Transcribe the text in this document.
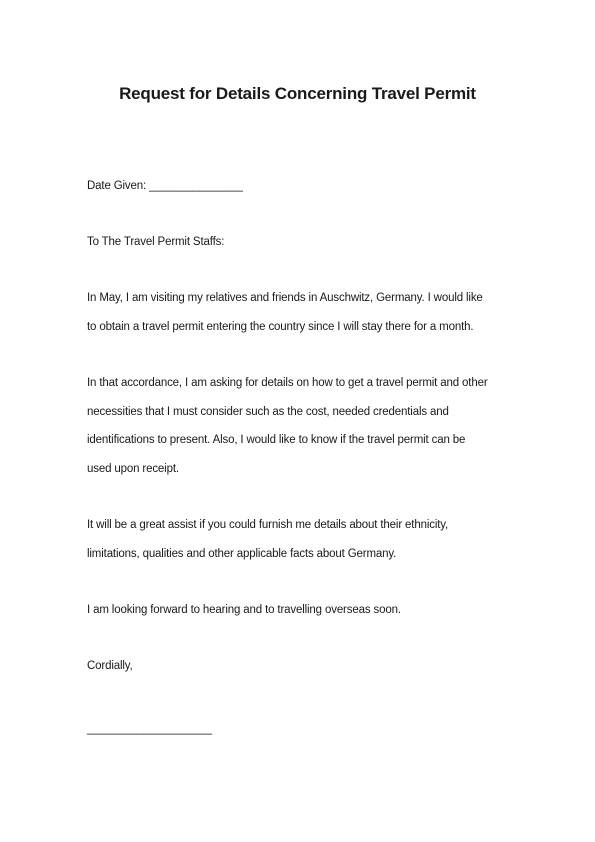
Request for Details Concerning Travel Permit
Date Given: _______________
To The Travel Permit Staffs:
In May, I am visiting my relatives and friends in Auschwitz, Germany. I would like
to obtain a travel permit entering the country since I will stay there for a month.
In that accordance, I am asking for details on how to get a travel permit and other
necessities that I must consider such as the cost, needed credentials and
identifications to present. Also, I would like to know if the travel permit can be
used upon receipt.
It will be a great assist if you could furnish me details about their ethnicity,
limitations, qualities and other applicable facts about Germany.
I am looking forward to hearing and to travelling overseas soon.
Cordially,
____________________
